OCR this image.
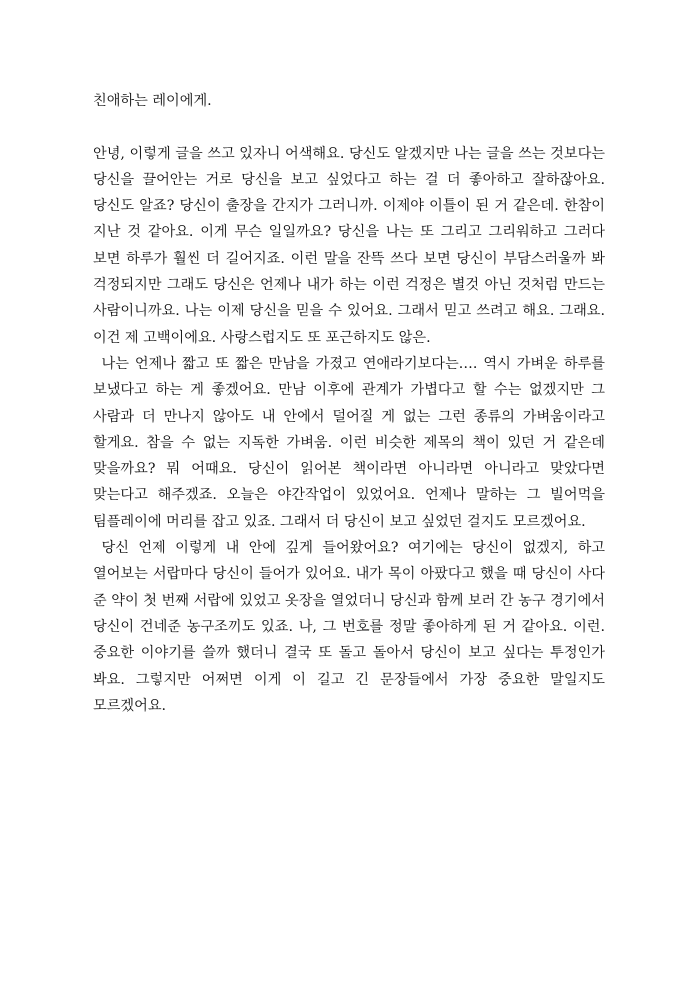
친애하는 레이에게.

안녕, 이렇게 글을 쓰고 있자니 어색해요. 당신도 알겠지만 나는 글을 쓰는 것보다는 당신을 끌어안는 거로 당신을 보고 싶었다고 하는 걸 더 좋아하고 잘하잖아요. 당신도 알죠? 당신이 출장을 간지가 그러니까. 이제야 이틀이 된 거 같은데. 한참이 지난 것 같아요. 이게 무슨 일일까요? 당신을 나는 또 그리고 그리워하고 그러다 보면 하루가 훨씬 더 길어지죠. 이런 말을 잔뜩 쓰다 보면 당신이 부담스러울까 봐 걱정되지만 그래도 당신은 언제나 내가 하는 이런 걱정은 별것 아닌 것처럼 만드는 사람이니까요. 나는 이제 당신을 믿을 수 있어요. 그래서 믿고 쓰려고 해요. 그래요. 이건 제 고백이에요. 사랑스럽지도 또 포근하지도 않은.

나는 언제나 짧고 또 짧은 만남을 가졌고 연애라기보다는…. 역시 가벼운 하루를 보냈다고 하는 게 좋겠어요. 만남 이후에 관계가 가볍다고 할 수는 없겠지만 그 사람과 더 만나지 않아도 내 안에서 덜어질 게 없는 그런 종류의 가벼움이라고 할게요. 참을 수 없는 지독한 가벼움. 이런 비슷한 제목의 책이 있던 거 같은데 맞을까요? 뭐 어때요. 당신이 읽어본 책이라면 아니라면 아니라고 맞았다면 맞는다고 해주겠죠. 오늘은 야간작업이 있었어요. 언제나 말하는 그 빌어먹을 팀플레이에 머리를 잡고 있죠. 그래서 더 당신이 보고 싶었던 걸지도 모르겠어요.

당신 언제 이렇게 내 안에 깊게 들어왔어요? 여기에는 당신이 없겠지, 하고 열어보는 서랍마다 당신이 들어가 있어요. 내가 목이 아팠다고 했을 때 당신이 사다 준 약이 첫 번째 서랍에 있었고 옷장을 열었더니 당신과 함께 보러 간 농구 경기에서 당신이 건네준 농구조끼도 있죠. 나, 그 번호를 정말 좋아하게 된 거 같아요. 이런. 중요한 이야기를 쓸까 했더니 결국 또 돌고 돌아서 당신이 보고 싶다는 투정인가 봐요. 그렇지만 어쩌면 이게 이 길고 긴 문장들에서 가장 중요한 말일지도 모르겠어요.
